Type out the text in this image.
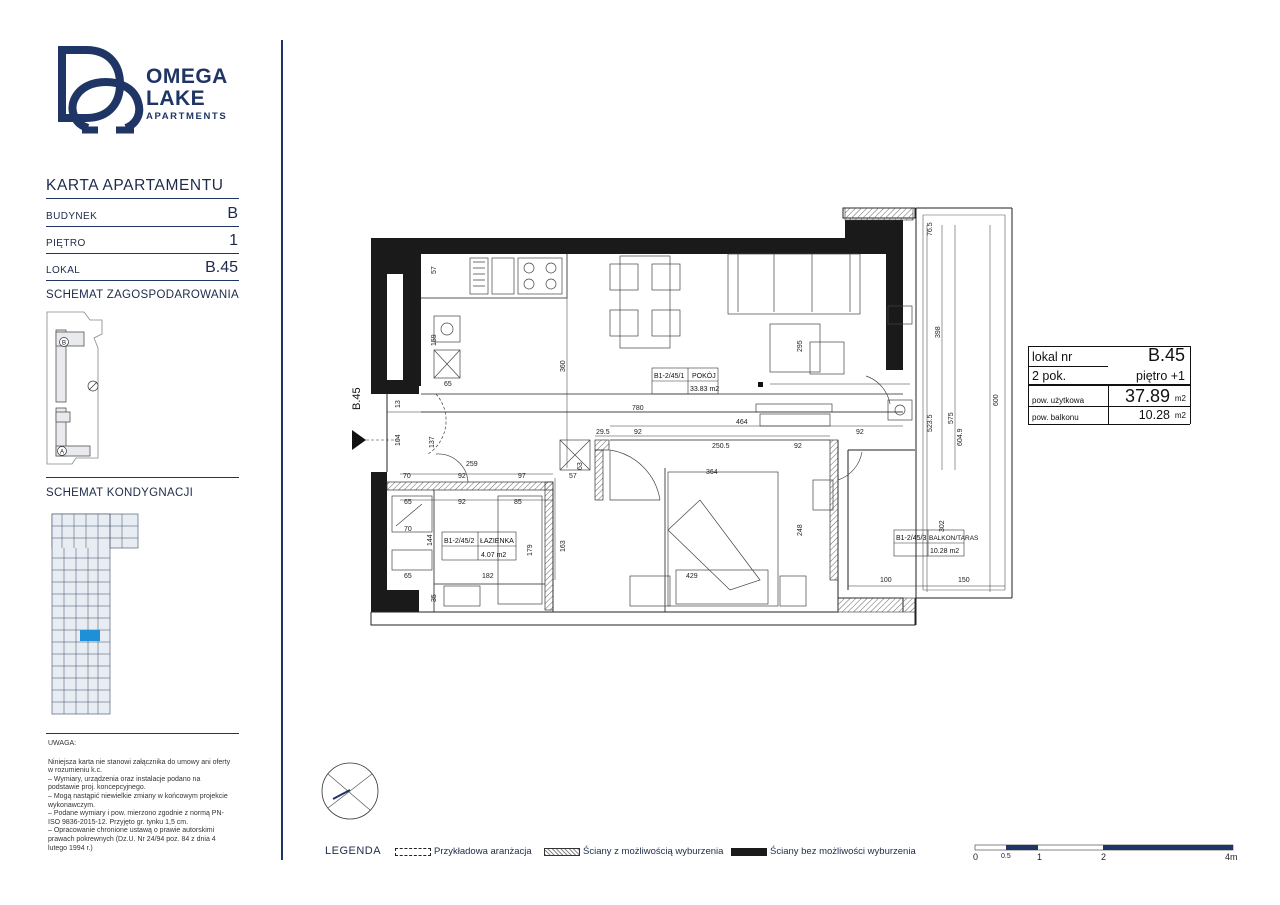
OMEGA
LAKE
APARTMENTS
KARTA APARTAMENTU
BUDYNEK	B
PIĘTRO	1
LOKAL	B.45
SCHEMAT ZAGOSPODAROWANIA
B
A
SCHEMAT KONDYGNACJI

UWAGA:

Niniejsza karta nie stanowi załącznika do umowy ani oferty w rozumieniu k.c.

– Wymiary, urządzenia oraz instalacje podano na podstawie proj. koncepcyjnego.

– Mogą nastąpić niewielkie zmiany w końcowym projekcie wykonawczym.

– Podane wymiary i pow. mierzono zgodnie z normą PN-ISO 9836-2015-12. Przyjęto gr. tynku 1,5 cm.

– Opracowanie chronione ustawą o prawie autorskimi prawach pokrewnych (Dz.U. Nr 24/94 poz. 84 z dnia 4 lutego 1994 r.)

B1-2/45/1 POKÓJ
33.83 m2
B1-2/45/2 ŁAZIENKA
4.07 m2
B1-2/45/3 BALKON/TARAS
10.28 m2
B.45
57
159
65
13
104	137
70	92
259
97	57
63
65	92	85
70
144
179	163
65	182
35
360
780
464
29.5	92
250.5	92
92
364
295
248
429
76.5
398
523.5 575
600
604.9
302
100	150
lokal nr	B.45
2 pok.	piętro +1
pow. użytkowa 37.89 m2
pow. balkonu	10.28 m2
LEGENDA	Przykładowa aranżacja	Ściany z możliwością wyburzenia	Ściany bez możliwości wyburzenia	0	0.5	1	2	4m
